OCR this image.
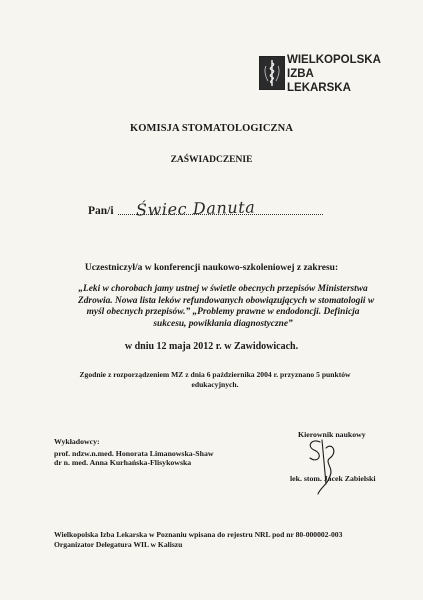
WIELKOPOLSKA
IZBA
LEKARSKA
KOMISJA STOMATOLOGICZNA
ZAŚWIADCZENIE
Pan/i Świec Danuta
Uczestniczył/a w konferencji naukowo-szkoleniowej z zakresu:
„Leki w chorobach jamy ustnej w świetle obecnych przepisów Ministerstwa
Zdrowia. Nowa lista leków refundowanych obowiązujących w stomatologii w
myśl obecnych przepisów.” „Problemy prawne w endodoncji. Definicja
sukcesu, powikłania diagnostyczne”
w dniu 12 maja 2012 r. w Zawidowicach.
Zgodnie z rozporządzeniem MZ z dnia 6 października 2004 r. przyznano 5 punktów
edukacyjnych.
Wykładowcy:
prof. ndzw.n.med. Honorata Limanowska-Shaw
dr n. med. Anna Kurhańska-Flisykowska
Kierownik naukowy
lek. stom. Jacek Zabielski
Wielkopolska Izba Lekarska w Poznaniu wpisana do rejestru NRL pod nr 80-000002-003
Organizator Delegatura WIL w Kaliszu
